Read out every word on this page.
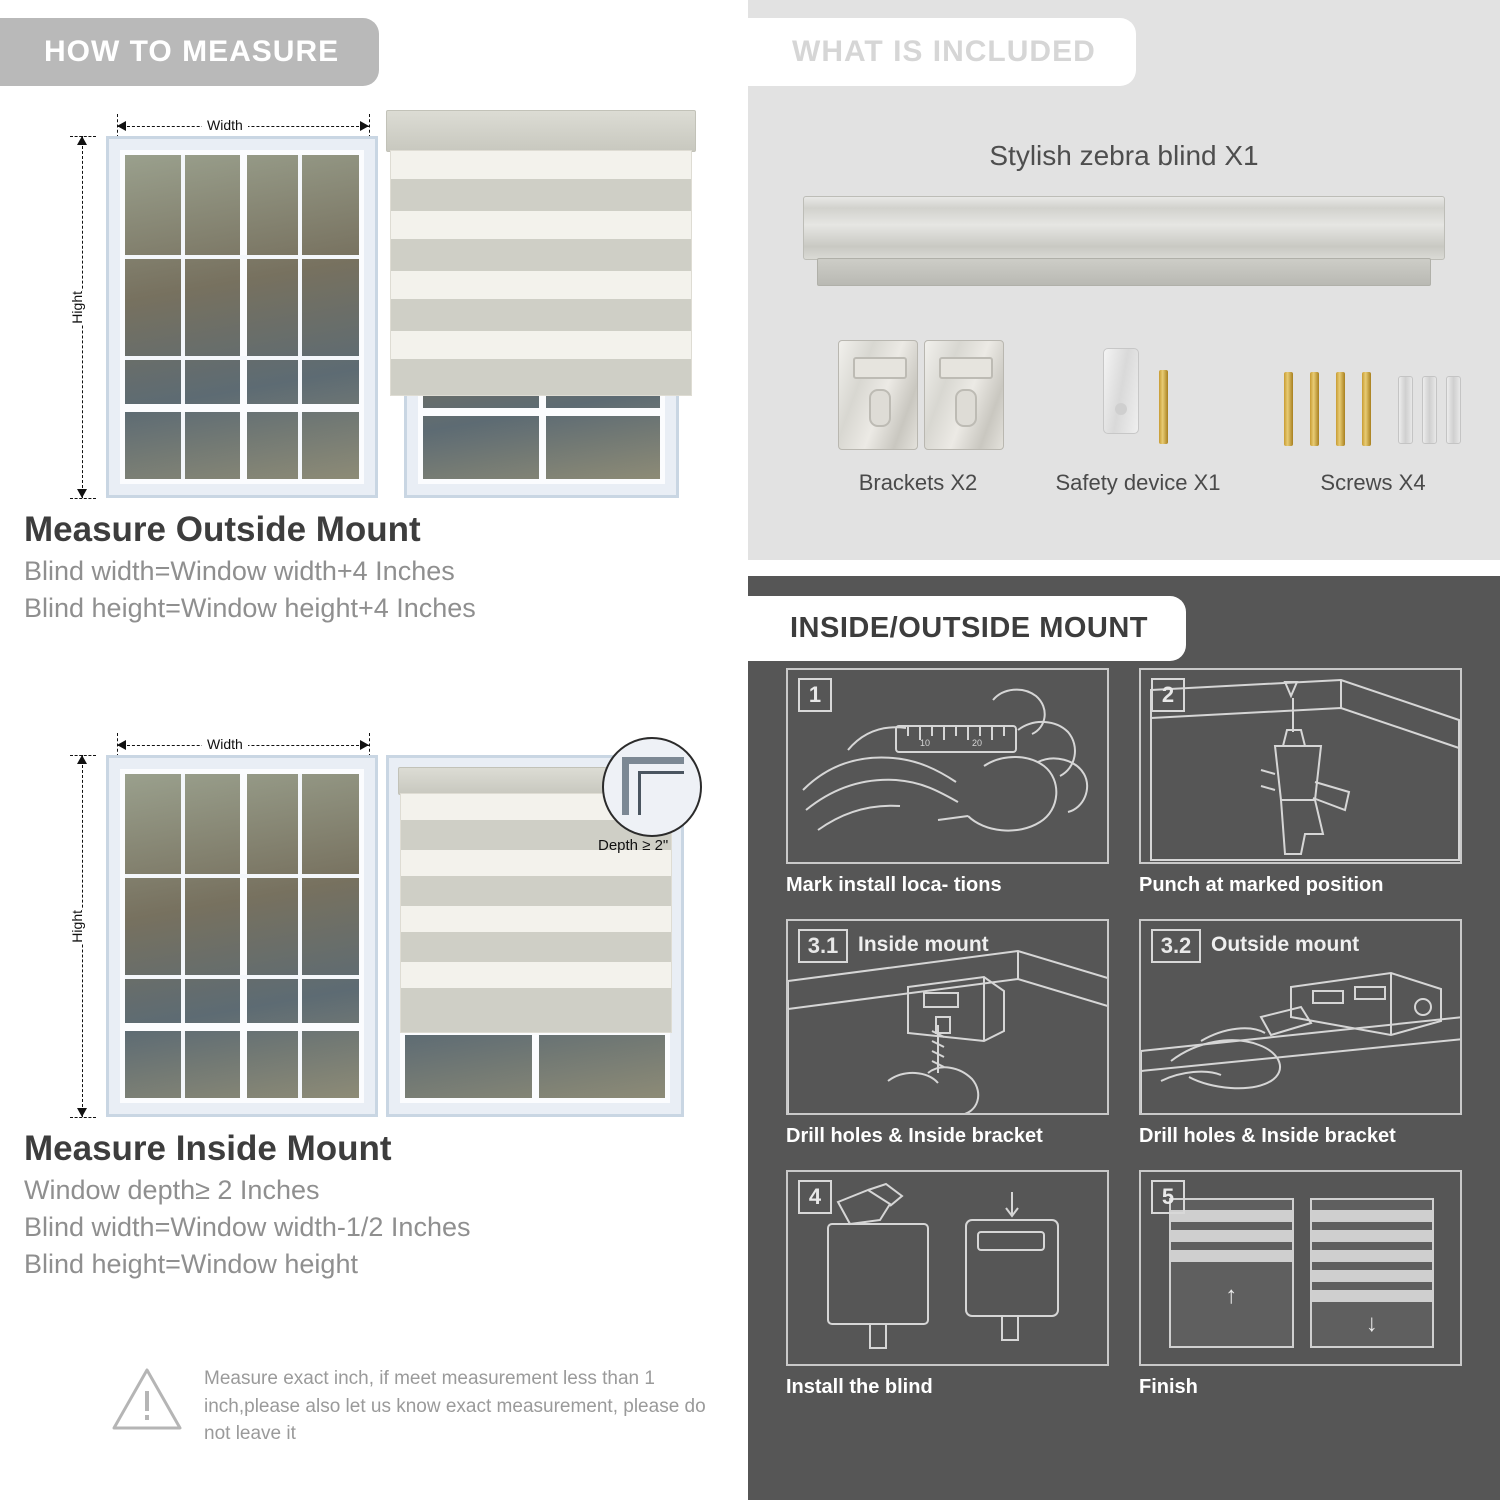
HOW TO MEASURE
Width
Hight
Measure Outside Mount
Blind width=Window width+4 Inches
Blind height=Window height+4 Inches
Width
Hight
Depth ≥ 2"
Measure Inside Mount
Window depth≥ 2 Inches
Blind width=Window width-1/2 Inches
Blind height=Window height
Measure exact inch, if meet measurement less than 1 inch,please also let us know exact measurement, please do not leave it
WHAT IS INCLUDED
Stylish zebra blind X1
Brackets X2	Safety device X1	Screws X4
INSIDE/OUTSIDE MOUNT
10	20
1
Mark install loca- tions
2
Punch at marked position
3.1 Inside mount
Drill holes & Inside bracket
3.2 Outside mount
Drill holes & Inside bracket
4
Install the blind
↑
↓
5
Finish
